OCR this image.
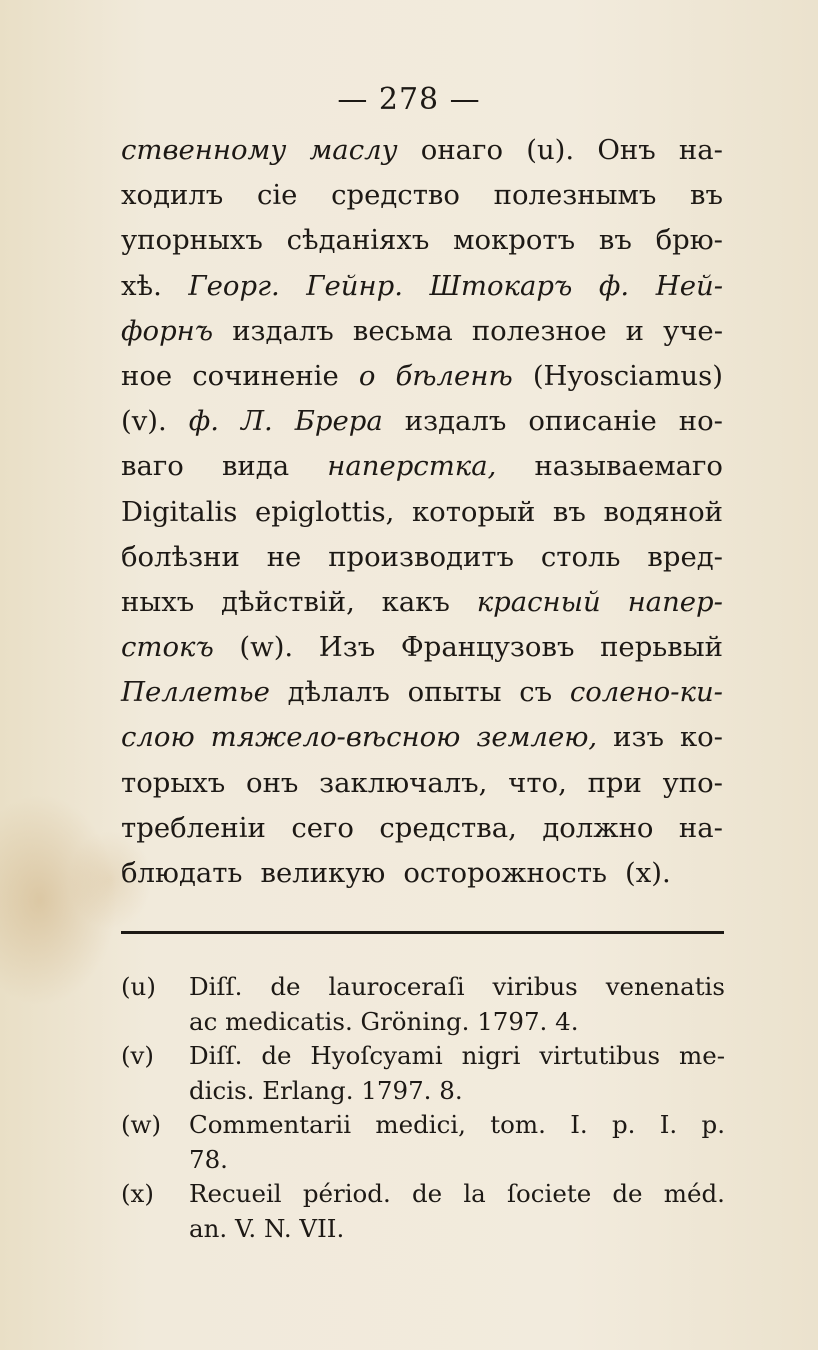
— 278 —
ственному маслу онаго (u). Онъ на-
ходилъ сіе средство полезнымъ въ
упорныхъ сѣданіяхъ мокротъ въ брю-
хѣ. Георг. Гейнр. Штокаръ ф. Ней-
форнъ издалъ весьма полезное и уче-
ное сочиненіе о бѣленѣ (Hyosciamus)
(v). ф. Л. Брера издалъ описаніе но-
ваго вида наперстка, называемаго
Digitalis epiglottis, который въ водяной
болѣзни не производитъ столь вред-
ныхъ дѣйствій, какъ красный напер-
стокъ (w). Изъ Французовъ перьвый
Пеллетье дѣлалъ опыты съ солено-ки-
слою тяжело-вѣсною землею, изъ ко-
торыхъ онъ заключалъ, что, при упо-
требленіи сего средства, должно на-
блюдать великую осторожность (x).
(u)	Diſſ. de lauroceraſi viribus venenatis
ac medicatis. Gröning. 1797. 4.
(v)	Diſſ. de Hyoſcyami nigri virtutibus me-
dicis. Erlang. 1797. 8.
(w)	Commentarii medici, tom. I. p. I. p.
78.
(x)	Recueil périod. de la ſociete de méd.
an. V. N. VII.
